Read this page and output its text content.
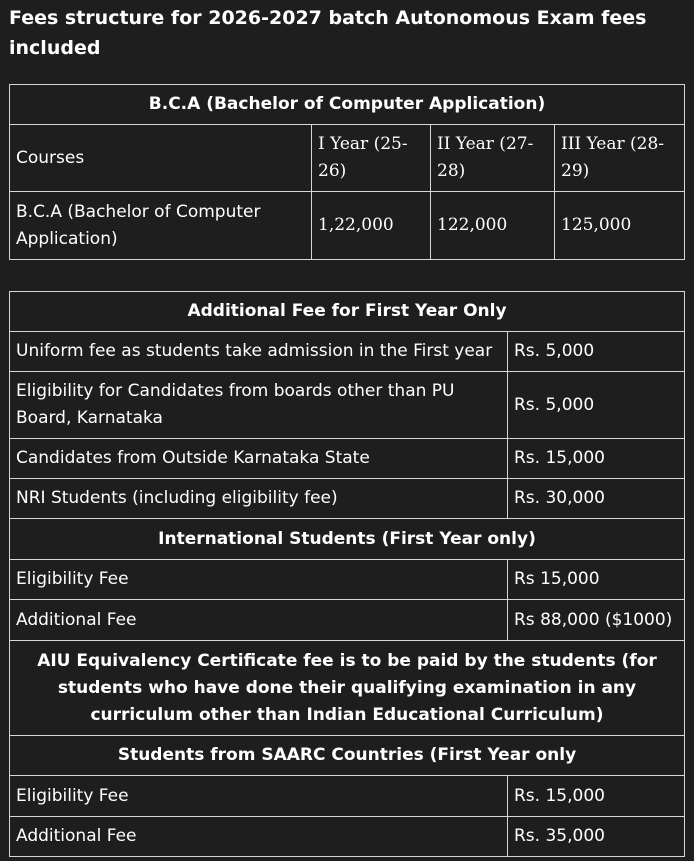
Fees structure for 2026-2027 batch Autonomous Exam fees included
B.C.A (Bachelor of Computer Application)			
Courses	I Year (25-26)	II Year (27-28)	III Year (28-29)
B.C.A (Bachelor of Computer Application)	1,22,000	122,000	125,000
Additional Fee for First Year Only	
Uniform fee as students take admission in the First year	Rs. 5,000
Eligibility for Candidates from boards other than PU Board, Karnataka	Rs. 5,000
Candidates from Outside Karnataka State	Rs. 15,000
NRI Students (including eligibility fee)	Rs. 30,000
International Students (First Year only)	
Eligibility Fee	Rs 15,000
Additional Fee	Rs 88,000 ($1000)
AIU Equivalency Certificate fee is to be paid by the students (for students who have done their qualifying examination in any curriculum other than Indian Educational Curriculum)	
Students from SAARC Countries (First Year only	
Eligibility Fee	Rs. 15,000
Additional Fee	Rs. 35,000
